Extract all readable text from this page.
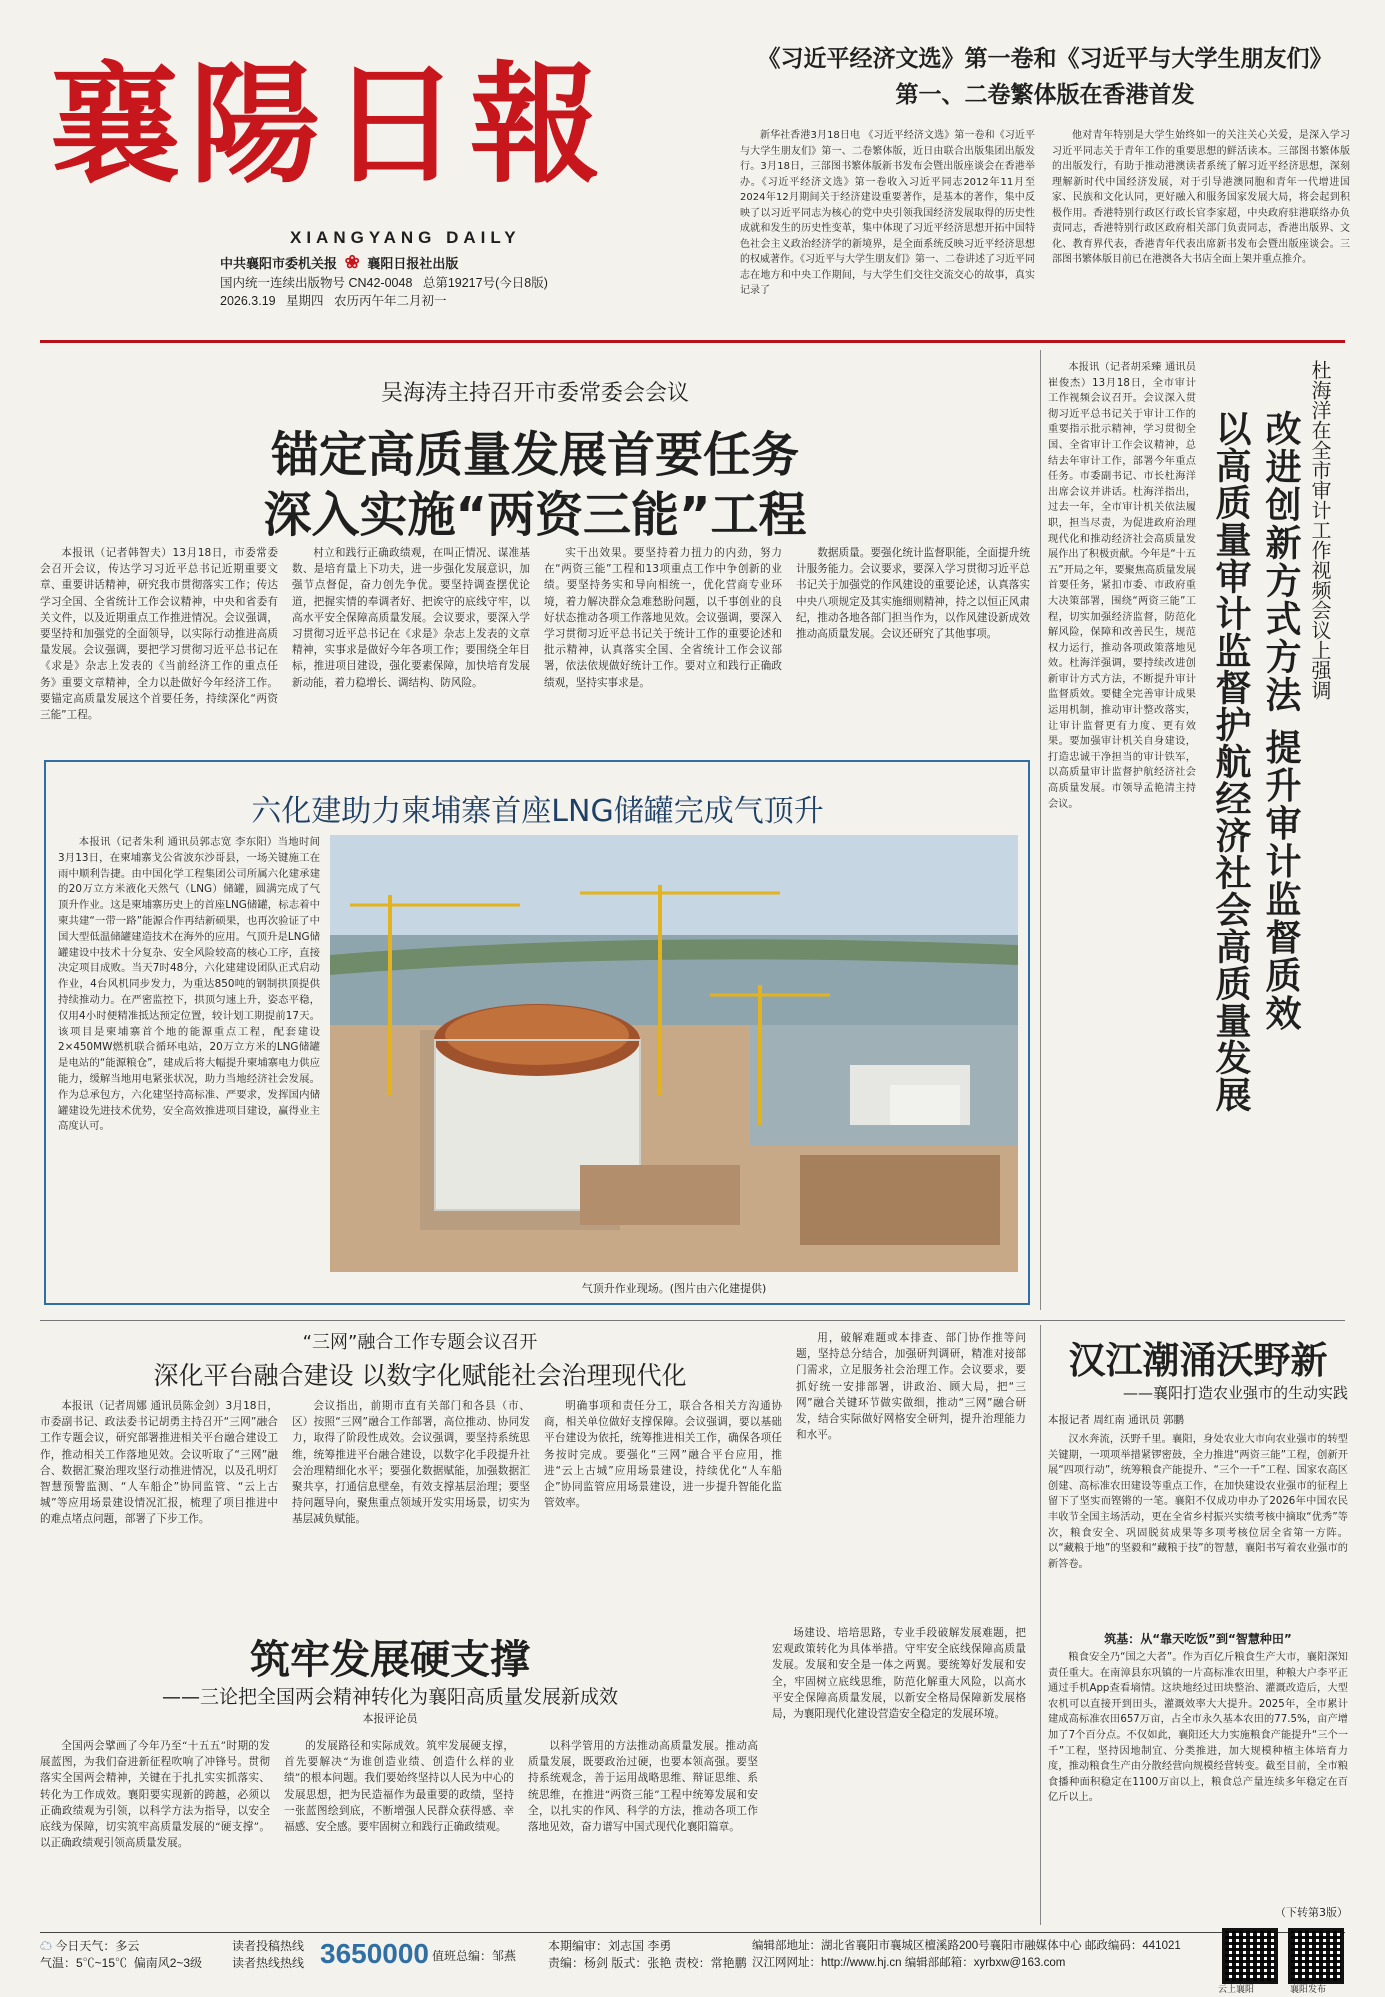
襄陽日報
XIANGYANG DAILY
中共襄阳市委机关报 ❀ 襄阳日报社出版
国内统一连续出版物号 CN42-0048 总第19217号(今日8版)
2026.3.19 星期四 农历丙午年二月初一
《习近平经济文选》第一卷和《习近平与大学生朋友们》
第一、二卷繁体版在香港首发
新华社香港3月18日电 《习近平经济文选》第一卷和《习近平与大学生朋友们》第一、二卷繁体版，近日由联合出版集团出版发行。3月18日，三部图书繁体版新书发布会暨出版座谈会在香港举办。《习近平经济文选》第一卷收入习近平同志2012年11月至2024年12月期间关于经济建设重要著作，是基本的著作，集中反映了以习近平同志为核心的党中央引领我国经济发展取得的历史性成就和发生的历史性变革，集中体现了习近平经济思想开拓中国特色社会主义政治经济学的新境界，是全面系统反映习近平经济思想的权威著作。《习近平与大学生朋友们》第一、二卷讲述了习近平同志在地方和中央工作期间，与大学生们交往交流交心的故事，真实记录了
他对青年特别是大学生始终如一的关注关心关爱，是深入学习习近平同志关于青年工作的重要思想的鲜活读本。三部图书繁体版的出版发行，有助于推动港澳读者系统了解习近平经济思想，深刻理解新时代中国经济发展，对于引导港澳同胞和青年一代增进国家、民族和文化认同，更好融入和服务国家发展大局，将会起到积极作用。香港特别行政区行政长官李家超，中央政府驻港联络办负责同志，香港特别行政区政府相关部门负责同志，香港出版界、文化、教育界代表，香港青年代表出席新书发布会暨出版座谈会。三部图书繁体版目前已在港澳各大书店全面上架并重点推介。
吴海涛主持召开市委常委会会议
锚定高质量发展首要任务
深入实施“两资三能”工程
本报讯（记者韩智夫）13月18日，市委常委会召开会议，传达学习习近平总书记近期重要文章、重要讲话精神，研究我市贯彻落实工作；传达学习全国、全省统计工作会议精神，中央和省委有关文件，以及近期重点工作推进情况。会议强调，要坚持和加强党的全面领导，以实际行动推进高质量发展。会议强调，要把学习贯彻习近平总书记在《求是》杂志上发表的《当前经济工作的重点任务》重要文章精神，全力以赴做好今年经济工作。要锚定高质量发展这个首要任务，持续深化“两资三能”工程。
村立和践行正确政绩观，在叫正情况、谋准基数、是培育量上下功夫，进一步强化发展意识，加强节点督促，奋力创先争优。要坚持调查摆优论道，把握实情的奉调者好、把诶守的底线守牢，以高水平安全保障高质量发展。会议要求，要深入学习贯彻习近平总书记在《求是》杂志上发表的文章精神，实事求是做好今年各项工作；要围绕全年目标，推进项目建设，强化要素保障，加快培育发展新动能，着力稳增长、调结构、防风险。
实干出效果。要坚持着力扭力的内劲，努力在“两资三能”工程和13项重点工作中争创新的业绩。要坚持务实和导向相统一，优化营商专业环境，着力解决群众急难愁盼问题，以千事创业的良好状态推动各项工作落地见效。会议强调，要深入学习贯彻习近平总书记关于统计工作的重要论述和批示精神，认真落实全国、全省统计工作会议部署，依法依规做好统计工作。要对立和践行正确政绩观，坚持实事求是。
数据质量。要强化统计监督职能，全面提升统计服务能力。会议要求，要深入学习贯彻习近平总书记关于加强党的作风建设的重要论述，认真落实中央八项规定及其实施细则精神，持之以恒正风肃纪，推动各地各部门担当作为，以作风建设新成效推动高质量发展。会议还研究了其他事项。
六化建助力柬埔寨首座LNG储罐完成气顶升
本报讯（记者朱利 通讯员郭志宽 李东阳）当地时间3月13日，在柬埔寨戈公省波东沙哥县，一场关键施工在雨中顺利告捷。由中国化学工程集团公司所属六化建承建的20万立方米液化天然气（LNG）储罐，圆满完成了气顶升作业。这是柬埔寨历史上的首座LNG储罐，标志着中柬共建“一带一路”能源合作再结新硕果，也再次验证了中国大型低温储罐建造技术在海外的应用。气顶升是LNG储罐建设中技术十分复杂、安全风险较高的核心工序，直接决定项目成败。当天7时48分，六化建建设团队正式启动作业，4台风机同步发力，为重达850吨的钢制拱顶提供持续推动力。在严密监控下，拱顶匀速上升，姿态平稳，仅用4小时便精准抵达预定位置，较计划工期提前17天。该项目是柬埔寨首个地的能源重点工程，配套建设2×450MW燃机联合循环电站，20万立方米的LNG储罐是电站的“能源粮仓”，建成后将大幅提升柬埔寨电力供应能力，缓解当地用电紧张状况，助力当地经济社会发展。作为总承包方，六化建坚持高标准、严要求，发挥国内储罐建设先进技术优势，安全高效推进项目建设，赢得业主高度认可。
气顶升作业现场。(图片由六化建提供)
本报讯（记者胡采臻 通讯员崔俊杰）13月18日，全市审计工作视频会议召开。会议深入贯彻习近平总书记关于审计工作的重要指示批示精神，学习贯彻全国、全省审计工作会议精神，总结去年审计工作，部署今年重点任务。市委副书记、市长杜海洋出席会议并讲话。杜海洋指出，过去一年，全市审计机关依法履职，担当尽责，为促进政府治理现代化和推动经济社会高质量发展作出了积极贡献。今年是“十五五”开局之年，要聚焦高质量发展首要任务，紧扣市委、市政府重大决策部署，围绕“两资三能”工程，切实加强经济监督，防范化解风险，保障和改善民生，规范权力运行，推动各项政策落地见效。杜海洋强调，要持续改进创新审计方式方法，不断提升审计监督质效。要健全完善审计成果运用机制，推动审计整改落实，让审计监督更有力度、更有效果。要加强审计机关自身建设，打造忠诚干净担当的审计铁军，以高质量审计监督护航经济社会高质量发展。市领导孟艳清主持会议。
杜海洋在全市审计工作视频会议上强调
改进创新方式方法 提升审计监督质效
以高质量审计监督护航经济社会高质量发展
“三网”融合工作专题会议召开
深化平台融合建设 以数字化赋能社会治理现代化
本报讯（记者周娜 通讯员陈金剑）3月18日，市委副书记、政法委书记胡勇主持召开“三网”融合工作专题会议，研究部署推进相关平台融合建设工作，推动相关工作落地见效。会议听取了“三网”融合、数据汇聚治理攻坚行动推进情况，以及孔明灯智慧预警监测、“人车船企”协同监管、“云上古城”等应用场景建设情况汇报，梳理了项目推进中的难点堵点问题，部署了下步工作。
会议指出，前期市直有关部门和各县（市、区）按照“三网”融合工作部署，高位推动、协同发力，取得了阶段性成效。会议强调，要坚持系统思维，统筹推进平台融合建设，以数字化手段提升社会治理精细化水平；要强化数据赋能，加强数据汇聚共享，打通信息壁垒，有效支撑基层治理；要坚持问题导向，聚焦重点领域开发实用场景，切实为基层减负赋能。
明确事项和责任分工，联合各相关方沟通协商，相关单位做好支撑保障。会议强调，要以基础平台建设为依托，统筹推进相关工作，确保各项任务按时完成。要强化“三网”融合平台应用，推进“云上古城”应用场景建设，持续优化“人车船企”协同监管应用场景建设，进一步提升智能化监管效率。
用，破解难题或本排查、部门协作推等问题，坚持总分结合，加强研判调研，精准对接部门需求，立足服务社会治理工作。会议要求，要抓好统一安排部署，讲政治、顾大局，把“三网”融合关键环节做实做细，推动“三网”融合研发，结合实际做好网格安全研判，提升治理能力和水平。
筑牢发展硬支撑
——三论把全国两会精神转化为襄阳高质量发展新成效
本报评论员
全国两会擘画了今年乃至“十五五”时期的发展蓝图，为我们奋进新征程吹响了冲锋号。贯彻落实全国两会精神，关键在于扎扎实实抓落实、转化为工作成效。襄阳要实现新的跨越，必须以正确政绩观为引领，以科学方法为指导，以安全底线为保障，切实筑牢高质量发展的“硬支撑”。以正确政绩观引领高质量发展。
的发展路径和实际成效。筑牢发展硬支撑，首先要解决“为谁创造业绩、创造什么样的业绩”的根本问题。我们要始终坚持以人民为中心的发展思想，把为民造福作为最重要的政绩，坚持一张蓝图绘到底，不断增强人民群众获得感、幸福感、安全感。要牢固树立和践行正确政绩观。
以科学管用的方法推动高质量发展。推动高质量发展，既要政治过硬，也要本领高强。要坚持系统观念，善于运用战略思维、辩证思维、系统思维，在推进“两资三能”工程中统筹发展和安全，以扎实的作风、科学的方法，推动各项工作落地见效，奋力谱写中国式现代化襄阳篇章。
场建设、培培思路，专业手段破解发展难题，把宏观政策转化为具体举措。守牢安全底线保障高质量发展。发展和安全是一体之两翼。要统筹好发展和安全，牢固树立底线思维，防范化解重大风险，以高水平安全保障高质量发展，以新安全格局保障新发展格局，为襄阳现代化建设营造安全稳定的发展环境。
汉江潮涌沃野新
——襄阳打造农业强市的生动实践
本报记者 周红南 通讯员 郭鹏
汉水奔流，沃野千里。襄阳，身处农业大市向农业强市的转型关键期，一项项举措紧锣密鼓，全力推进“两资三能”工程，创新开展“四项行动”，统筹粮食产能提升、“三个一千”工程、国家农高区创建、高标准农田建设等重点工作，在加快建设农业强市的征程上留下了坚实而铿锵的一笔。襄阳不仅成功申办了2026年中国农民丰收节全国主场活动，更在全省乡村振兴实绩考核中摘取“优秀”等次，粮食安全、巩固脱贫成果等多项考核位居全省第一方阵。以“藏粮于地”的坚毅和“藏粮于技”的智慧，襄阳书写着农业强市的新答卷。
筑基：从“靠天吃饭”到“智慧种田”
粮食安全乃“国之大者”。作为百亿斤粮食生产大市，襄阳深知责任重大。在南漳县东巩镇的一片高标准农田里，种粮大户李平正通过手机App查看墒情。这块地经过田块整治、灌溉改造后，大型农机可以直接开到田头，灌溉效率大大提升。2025年，全市累计建成高标准农田657万亩，占全市永久基本农田的77.5%，亩产增加了7个百分点。不仅如此，襄阳还大力实施粮食产能提升“三个一千”工程，坚持因地制宜、分类推进，加大规模种植主体培育力度，推动粮食生产由分散经营向规模经营转变。截至目前，全市粮食播种面积稳定在1100万亩以上，粮食总产量连续多年稳定在百亿斤以上。
（下转第3版）
☁ 今日天气：多云
气温：5℃~15℃ 偏南风2~3级
读者投稿热线
读者热线热线 3650000 值班总编：邹燕
本期编审：刘志国 李勇
责编：杨剑 版式：张艳 责校：常艳鹏
编辑部地址：湖北省襄阳市襄城区檀溪路200号襄阳市融媒体中心 邮政编码：441021
汉江网网址：http://www.hj.cn 编辑部邮箱：xyrbxw@163.com
云上襄阳	襄阳发布
